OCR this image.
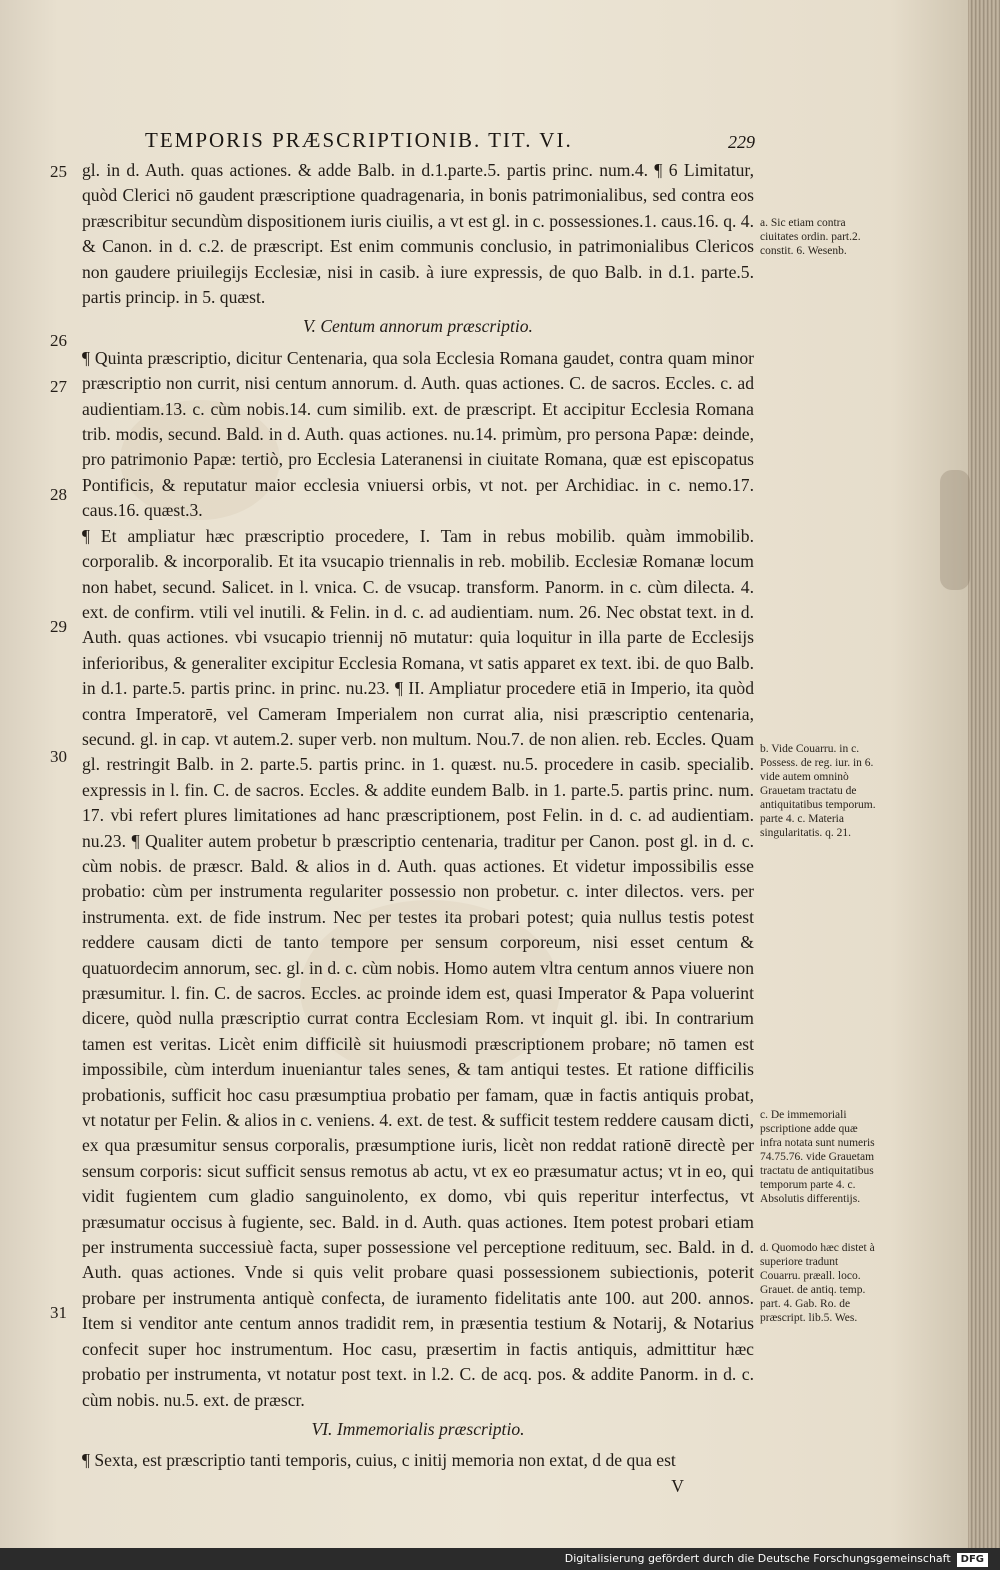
TEMPORIS PRÆSCRIPTIONIB. TIT. VI.	229
25
26
27
28
29
30
31

gl. in d. Auth. quas actiones. & adde Balb. in d.1.parte.5. partis princ. num.4. ¶ 6 Limitatur, quòd Clerici nō gaudent præscriptione quadragenaria, in bonis patrimonialibus, sed contra eos præscribitur secundùm dispositionem iuris ciuilis, a vt est gl. in c. possessiones.1. caus.16. q. 4. & Canon. in d. c.2. de præscript. Est enim communis conclusio, in patrimonialibus Clericos non gaudere priuilegijs Ecclesiæ, nisi in casib. à iure expressis, de quo Balb. in d.1. parte.5. partis princip. in 5. quæst.

V. Centum annorum præscriptio.

¶ Quinta præscriptio, dicitur Centenaria, qua sola Ecclesia Romana gaudet, contra quam minor præscriptio non currit, nisi centum annorum. d. Auth. quas actiones. C. de sacros. Eccles. c. ad audientiam.13. c. cùm nobis.14. cum similib. ext. de præscript. Et accipitur Ecclesia Romana trib. modis, secund. Bald. in d. Auth. quas actiones. nu.14. primùm, pro persona Papæ: deinde, pro patrimonio Papæ: tertiò, pro Ecclesia Lateranensi in ciuitate Romana, quæ est episcopatus Pontificis, & reputatur maior ecclesia vniuersi orbis, vt not. per Archidiac. in c. nemo.17. caus.16. quæst.3.

¶ Et ampliatur hæc præscriptio procedere, I. Tam in rebus mobilib. quàm immobilib. corporalib. & incorporalib. Et ita vsucapio triennalis in reb. mobilib. Ecclesiæ Romanæ locum non habet, secund. Salicet. in l. vnica. C. de vsucap. transform. Panorm. in c. cùm dilecta. 4. ext. de confirm. vtili vel inutili. & Felin. in d. c. ad audientiam. num. 26. Nec obstat text. in d. Auth. quas actiones. vbi vsucapio triennij nō mutatur: quia loquitur in illa parte de Ecclesijs inferioribus, & generaliter excipitur Ecclesia Romana, vt satis apparet ex text. ibi. de quo Balb. in d.1. parte.5. partis princ. in princ. nu.23. ¶ II. Ampliatur procedere etiā in Imperio, ita quòd contra Imperatorē, vel Cameram Imperialem non currat alia, nisi præscriptio centenaria, secund. gl. in cap. vt autem.2. super verb. non multum. Nou.7. de non alien. reb. Eccles. Quam gl. restringit Balb. in 2. parte.5. partis princ. in 1. quæst. nu.5. procedere in casib. specialib. expressis in l. fin. C. de sacros. Eccles. & addite eundem Balb. in 1. parte.5. partis princ. num. 17. vbi refert plures limitationes ad hanc præscriptionem, post Felin. in d. c. ad audientiam. nu.23. ¶ Qualiter autem probetur b præscriptio centenaria, traditur per Canon. post gl. in d. c. cùm nobis. de præscr. Bald. & alios in d. Auth. quas actiones. Et videtur impossibilis esse probatio: cùm per instrumenta regulariter possessio non probetur. c. inter dilectos. vers. per instrumenta. ext. de fide instrum. Nec per testes ita probari potest; quia nullus testis potest reddere causam dicti de tanto tempore per sensum corporeum, nisi esset centum & quatuordecim annorum, sec. gl. in d. c. cùm nobis. Homo autem vltra centum annos viuere non præsumitur. l. fin. C. de sacros. Eccles. ac proinde idem est, quasi Imperator & Papa voluerint dicere, quòd nulla præscriptio currat contra Ecclesiam Rom. vt inquit gl. ibi. In contrarium tamen est veritas. Licèt enim difficilè sit huiusmodi præscriptionem probare; nō tamen est impossibile, cùm interdum inueniantur tales senes, & tam antiqui testes. Et ratione difficilis probationis, sufficit hoc casu præsumptiua probatio per famam, quæ in factis antiquis probat, vt notatur per Felin. & alios in c. veniens. 4. ext. de test. & sufficit testem reddere causam dicti, ex qua præsumitur sensus corporalis, præsumptione iuris, licèt non reddat rationē directè per sensum corporis: sicut sufficit sensus remotus ab actu, vt ex eo præsumatur actus; vt in eo, qui vidit fugientem cum gladio sanguinolento, ex domo, vbi quis reperitur interfectus, vt præsumatur occisus à fugiente, sec. Bald. in d. Auth. quas actiones. Item potest probari etiam per instrumenta successiuè facta, super possessione vel perceptione redituum, sec. Bald. in d. Auth. quas actiones. Vnde si quis velit probare quasi possessionem subiectionis, poterit probare per instrumenta antiquè confecta, de iuramento fidelitatis ante 100. aut 200. annos. Item si venditor ante centum annos tradidit rem, in præsentia testium & Notarij, & Notarius confecit super hoc instrumentum. Hoc casu, præsertim in factis antiquis, admittitur hæc probatio per instrumenta, vt notatur post text. in l.2. C. de acq. pos. & addite Panorm. in d. c. cùm nobis. nu.5. ext. de præscr.

VI. Immemorialis præscriptio.

¶ Sexta, est præscriptio tanti temporis, cuius, c initij memoria non extat, d de qua est

V

a. Sic etiam contra ciuitates ordin. part.2. constit. 6. Wesenb.
b. Vide Couarru. in c. Possess. de reg. iur. in 6. vide autem omninò Grauetam tractatu de antiquitatibus temporum. parte 4. c. Materia singularitatis. q. 21.
c. De immemoriali pscriptione adde quæ infra notata sunt numeris 74.75.76. vide Grauetam tractatu de antiquitatibus temporum parte 4. c. Absolutis differentijs.
d. Quomodo hæc distet à superiore tradunt Couarru. præall. loco. Grauet. de antiq. temp. part. 4. Gab. Ro. de præscript. lib.5. Wes.
Digitalisierung gefördert durch die Deutsche Forschungsgemeinschaft DFG
